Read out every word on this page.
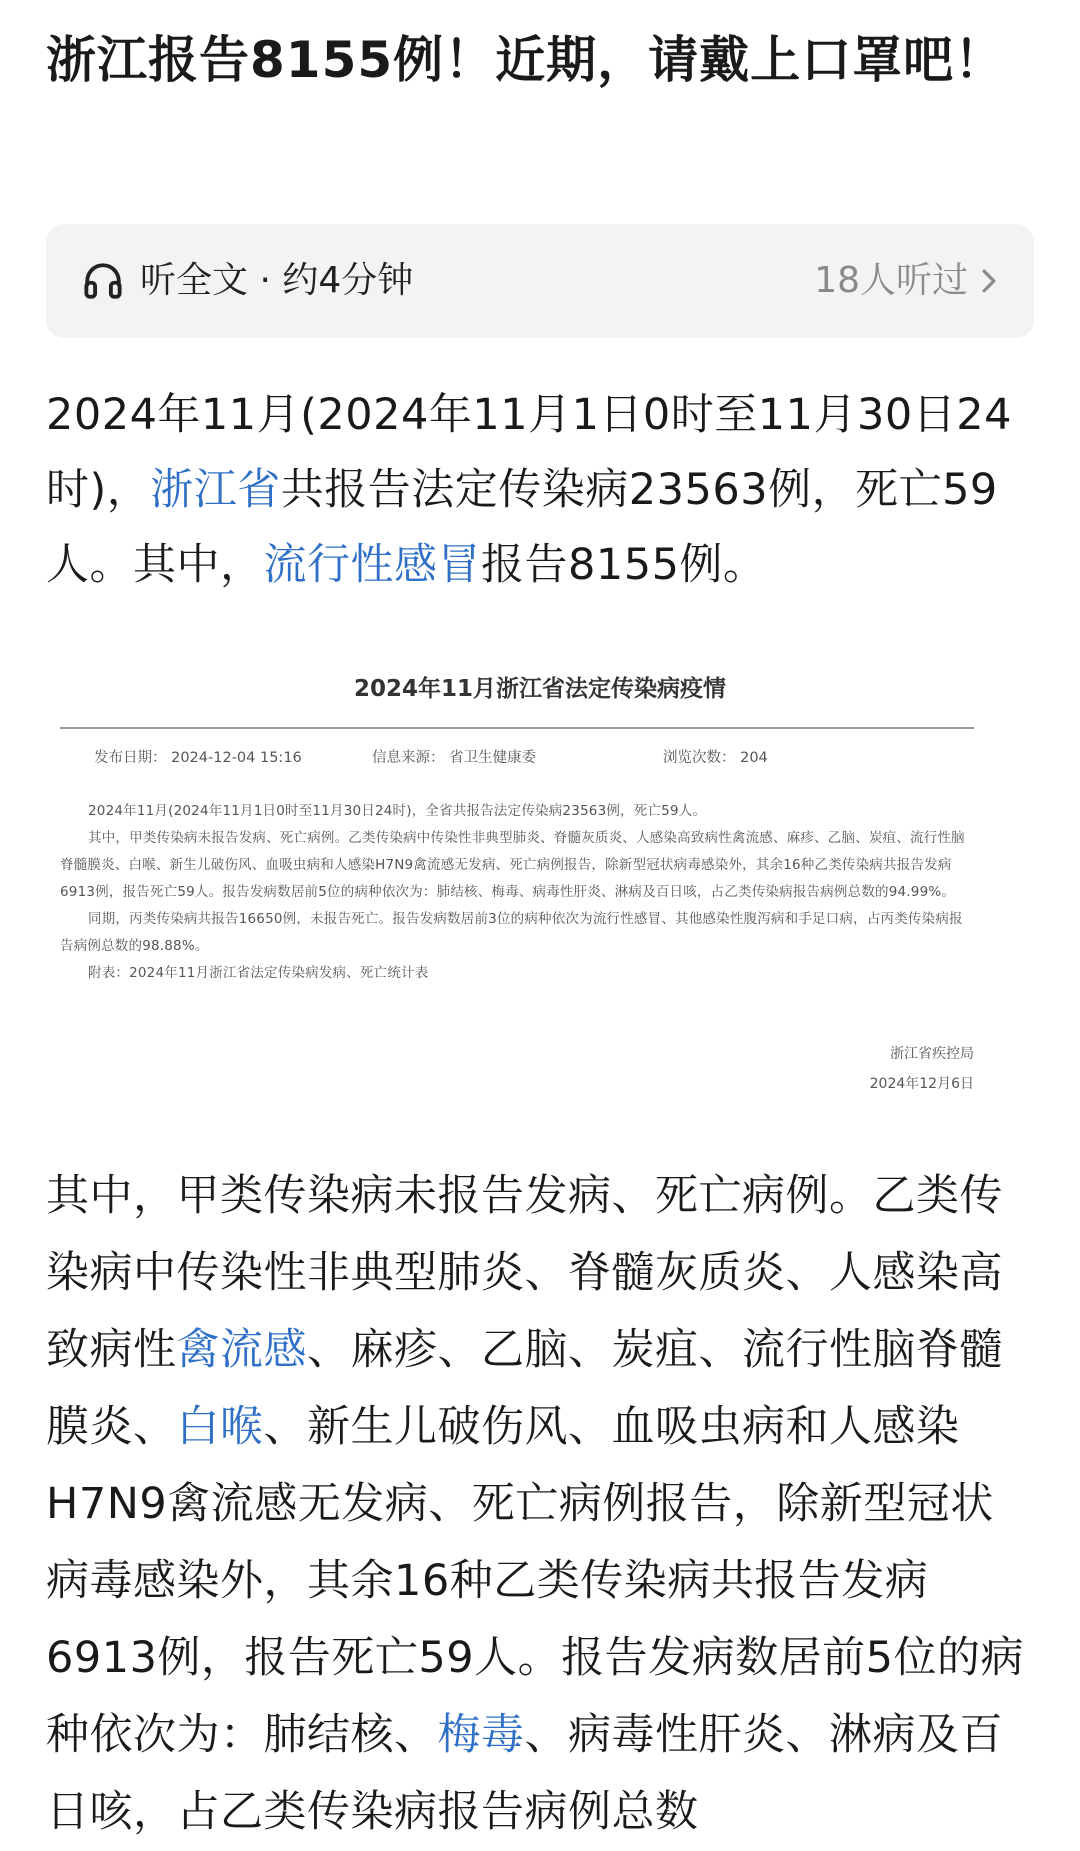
浙江报告8155例！近期，请戴上口罩吧！
听全文 · 约4分钟	18人听过

2024年11月(2024年11月1日0时至11月30日24时)，浙江省共报告法定传染病23563例，死亡59人。其中，流行性感冒报告8155例。

2024年11月浙江省法定传染病疫情
发布日期： 2024-12-04 15:16	信息来源： 省卫生健康委	浏览次数： 204

2024年11月(2024年11月1日0时至11月30日24时)，全省共报告法定传染病23563例，死亡59人。

其中，甲类传染病未报告发病、死亡病例。乙类传染病中传染性非典型肺炎、脊髓灰质炎、人感染高致病性禽流感、麻疹、乙脑、炭疽、流行性脑脊髓膜炎、白喉、新生儿破伤风、血吸虫病和人感染H7N9禽流感无发病、死亡病例报告，除新型冠状病毒感染外，其余16种乙类传染病共报告发病6913例，报告死亡59人。报告发病数居前5位的病种依次为：肺结核、梅毒、病毒性肝炎、淋病及百日咳，占乙类传染病报告病例总数的94.99%。

同期，丙类传染病共报告16650例，未报告死亡。报告发病数居前3位的病种依次为流行性感冒、其他感染性腹泻病和手足口病，占丙类传染病报告病例总数的98.88%。

附表：2024年11月浙江省法定传染病发病、死亡统计表

浙江省疾控局
2024年12月6日

其中，甲类传染病未报告发病、死亡病例。乙类传染病中传染性非典型肺炎、脊髓灰质炎、人感染高致病性禽流感、麻疹、乙脑、炭疽、流行性脑脊髓膜炎、白喉、新生儿破伤风、血吸虫病和人感染H7N9禽流感无发病、死亡病例报告，除新型冠状病毒感染外，其余16种乙类传染病共报告发病6913例，报告死亡59人。报告发病数居前5位的病种依次为：肺结核、梅毒、病毒性肝炎、淋病及百日咳，占乙类传染病报告病例总数
